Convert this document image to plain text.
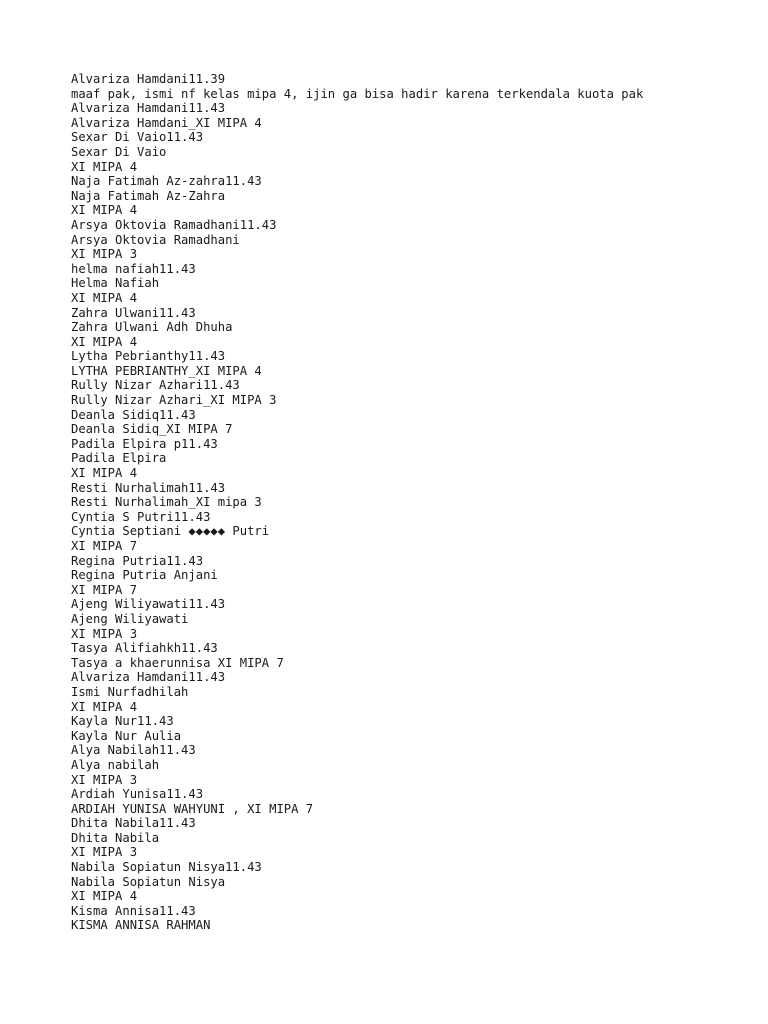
Alvariza Hamdani11.39
maaf pak, ismi nf kelas mipa 4, ijin ga bisa hadir karena terkendala kuota pak
Alvariza Hamdani11.43
Alvariza Hamdani_XI MIPA 4
Sexar Di Vaio11.43
Sexar Di Vaio
XI MIPA 4
Naja Fatimah Az-zahra11.43
Naja Fatimah Az-Zahra
XI MIPA 4
Arsya Oktovia Ramadhani11.43
Arsya Oktovia Ramadhani
XI MIPA 3
helma nafiah11.43
Helma Nafiah
XI MIPA 4
Zahra Ulwani11.43
Zahra Ulwani Adh Dhuha
XI MIPA 4
Lytha Pebrianthy11.43
LYTHA PEBRIANTHY_XI MIPA 4
Rully Nizar Azhari11.43
Rully Nizar Azhari_XI MIPA 3
Deanla Sidiq11.43
Deanla Sidiq_XI MIPA 7
Padila Elpira p11.43
Padila Elpira
XI MIPA 4
Resti Nurhalimah11.43
Resti Nurhalimah_XI mipa 3
Cyntia S Putri11.43
Cyntia Septiani ◆◆◆◆◆ Putri
XI MIPA 7
Regina Putria11.43
Regina Putria Anjani
XI MIPA 7
Ajeng Wiliyawati11.43
Ajeng Wiliyawati
XI MIPA 3
Tasya Alifiahkh11.43
Tasya a khaerunnisa XI MIPA 7
Alvariza Hamdani11.43
Ismi Nurfadhilah
XI MIPA 4
Kayla Nur11.43
Kayla Nur Aulia
Alya Nabilah11.43
Alya nabilah
XI MIPA 3
Ardiah Yunisa11.43
ARDIAH YUNISA WAHYUNI , XI MIPA 7
Dhita Nabila11.43
Dhita Nabila
XI MIPA 3
Nabila Sopiatun Nisya11.43
Nabila Sopiatun Nisya
XI MIPA 4
Kisma Annisa11.43
KISMA ANNISA RAHMAN
